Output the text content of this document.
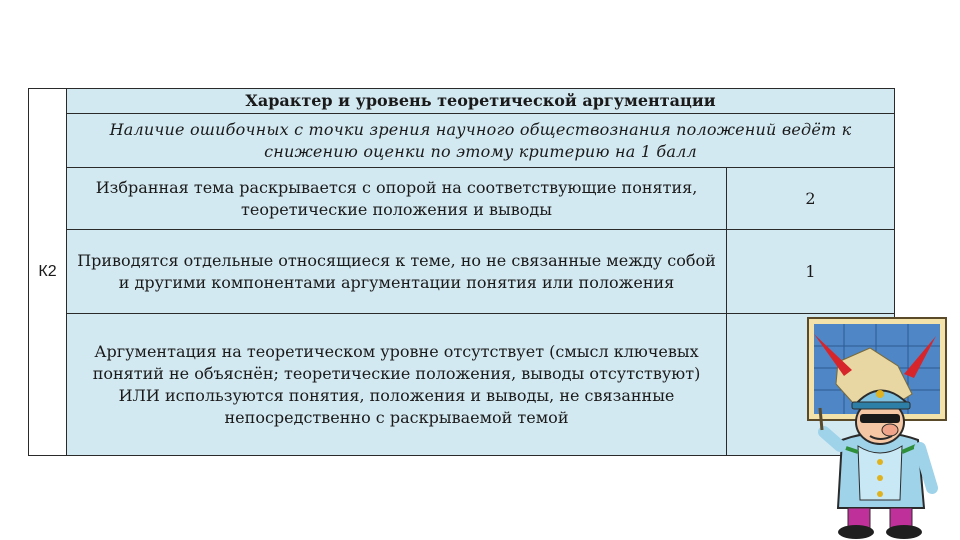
К2	Характер и уровень теоретической аргументации	
	Наличие ошибочных с точки зрения научного обществознания положений ведёт к снижению оценки по этому критерию на 1 балл	
	Избранная тема раскрывается с опорой на соответствующие понятия, теоретические положения и выводы	2
	Приводятся отдельные относящиеся к теме, но не связанные между собой и другими компонентами аргументации понятия или положения	1
	Аргументация на теоретическом уровне отсутствует (смысл ключевых понятий не объяснён; теоретические положения, выводы отсутствуют) ИЛИ используются понятия, положения и выводы, не связанные непосредственно с раскрываемой темой	
